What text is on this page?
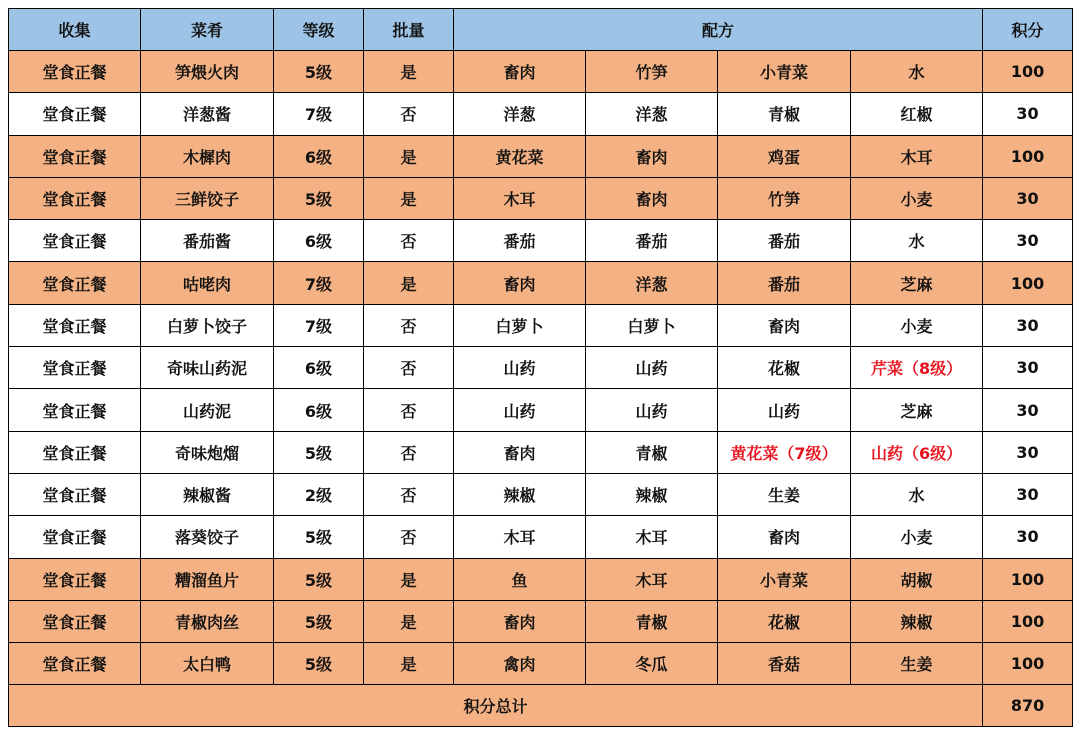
收集	菜肴	等级	批量	配方				积分
堂食正餐	笋煨火肉	5级	是	畜肉	竹笋	小青菜	水	100
堂食正餐	洋葱酱	7级	否	洋葱	洋葱	青椒	红椒	30
堂食正餐	木樨肉	6级	是	黄花菜	畜肉	鸡蛋	木耳	100
堂食正餐	三鲜饺子	5级	是	木耳	畜肉	竹笋	小麦	30
堂食正餐	番茄酱	6级	否	番茄	番茄	番茄	水	30
堂食正餐	咕咾肉	7级	是	畜肉	洋葱	番茄	芝麻	100
堂食正餐	白萝卜饺子	7级	否	白萝卜	白萝卜	畜肉	小麦	30
堂食正餐	奇味山药泥	6级	否	山药	山药	花椒	芹菜（8级）	30
堂食正餐	山药泥	6级	否	山药	山药	山药	芝麻	30
堂食正餐	奇味炮熘	5级	否	畜肉	青椒	黄花菜（7级）	山药（6级）	30
堂食正餐	辣椒酱	2级	否	辣椒	辣椒	生姜	水	30
堂食正餐	落葵饺子	5级	否	木耳	木耳	畜肉	小麦	30
堂食正餐	糟溜鱼片	5级	是	鱼	木耳	小青菜	胡椒	100
堂食正餐	青椒肉丝	5级	是	畜肉	青椒	花椒	辣椒	100
堂食正餐	太白鸭	5级	是	禽肉	冬瓜	香菇	生姜	100
积分总计								870
